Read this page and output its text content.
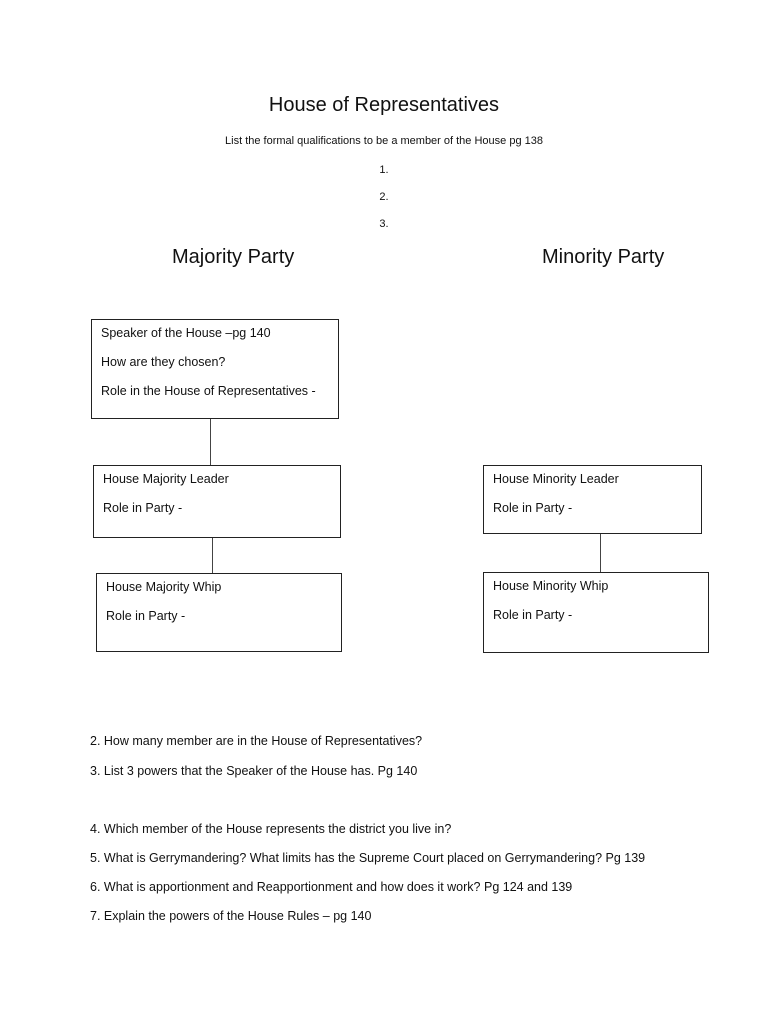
House of Representatives
List the formal qualifications to be a member of the House pg 138
1.
2.
3.
Majority Party	Minority Party
Speaker of the House –pg 140
How are they chosen?
Role in the House of Representatives -
House Majority Leader
Role in Party -
House Majority Whip
Role in Party -
House Minority Leader
Role in Party -
House Minority Whip
Role in Party -
2. How many member are in the House of Representatives?
3. List 3 powers that the Speaker of the House has. Pg 140
4. Which member of the House represents the district you live in?
5. What is Gerrymandering? What limits has the Supreme Court placed on Gerrymandering? Pg 139
6. What is apportionment and Reapportionment and how does it work? Pg 124 and 139
7. Explain the powers of the House Rules – pg 140
